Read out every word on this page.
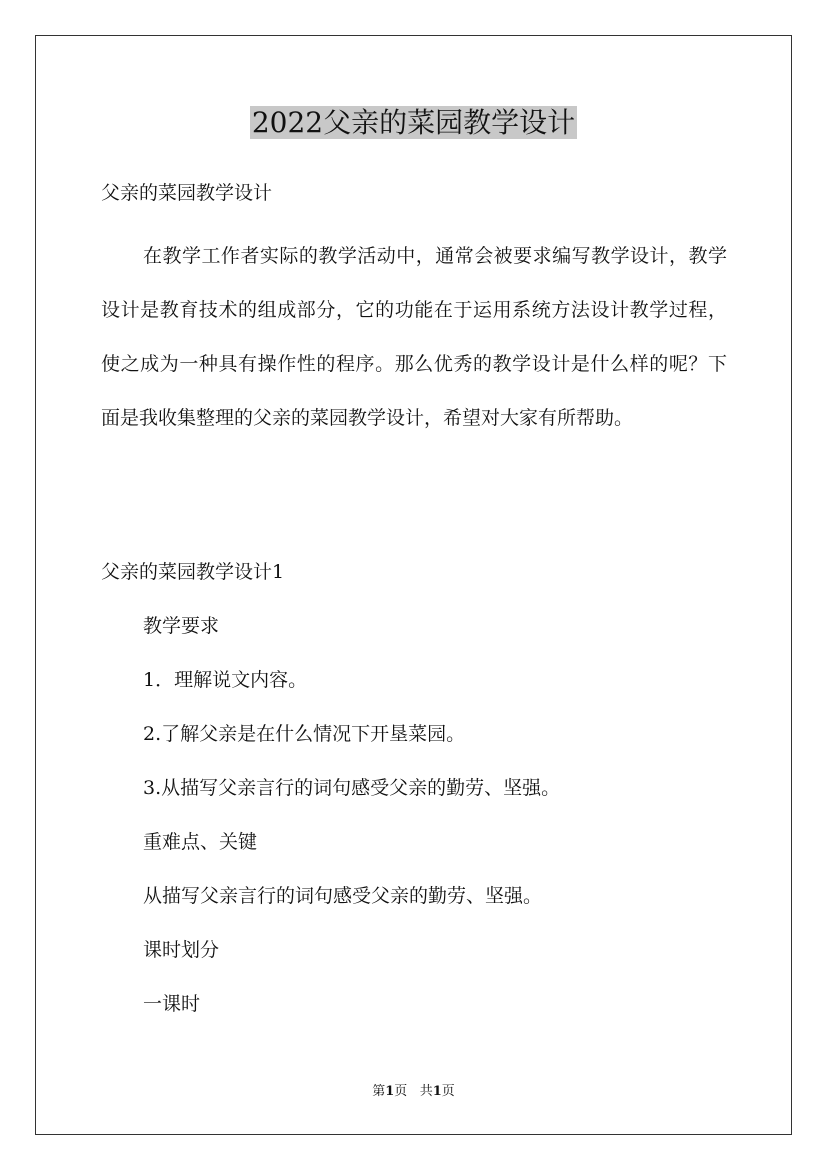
2022父亲的菜园教学设计
父亲的菜园教学设计
在教学工作者实际的教学活动中，通常会被要求编写教学设计，教学设计是教育技术的组成部分，它的功能在于运用系统方法设计教学过程，使之成为一种具有操作性的程序。那么优秀的教学设计是什么样的呢？下面是我收集整理的父亲的菜园教学设计，希望对大家有所帮助。
父亲的菜园教学设计1
教学要求
1．理解说文内容。
2.了解父亲是在什么情况下开垦菜园。
3.从描写父亲言行的词句感受父亲的勤劳、坚强。
重难点、关键
从描写父亲言行的词句感受父亲的勤劳、坚强。
课时划分
一课时
第1页 共1页
